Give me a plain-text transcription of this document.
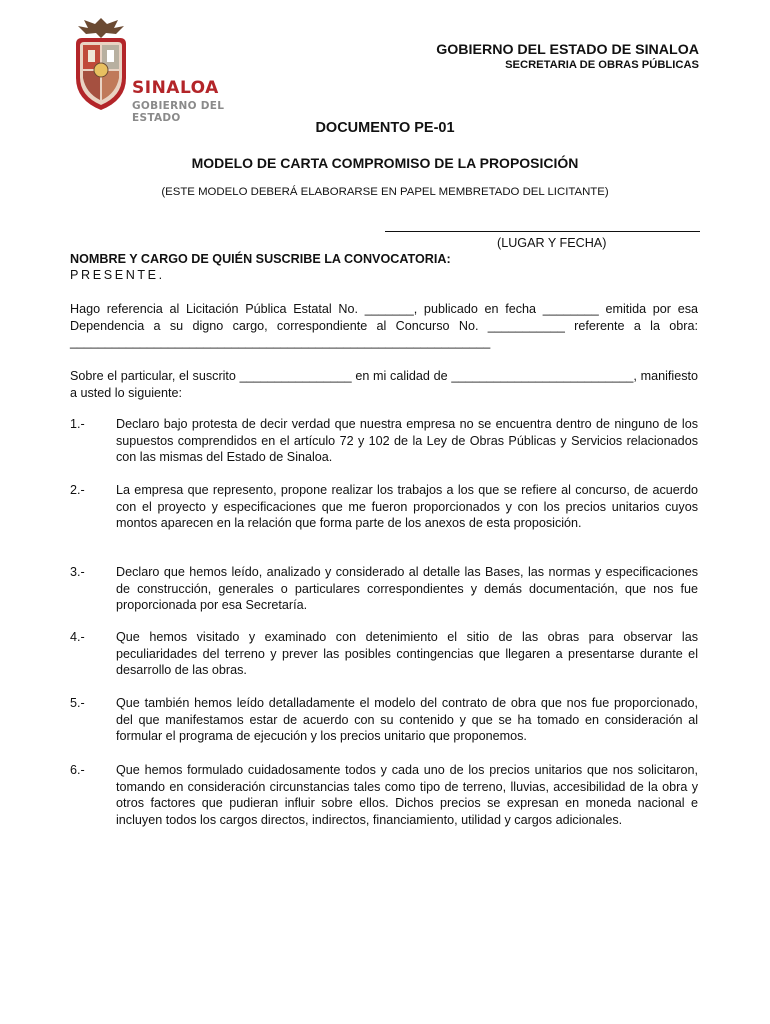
SINALOA
GOBIERNO DEL ESTADO
GOBIERNO DEL ESTADO DE SINALOA
SECRETARIA DE OBRAS PÚBLICAS
DOCUMENTO PE-01
MODELO DE CARTA COMPROMISO DE LA PROPOSICIÓN
(ESTE MODELO DEBERÁ ELABORARSE EN PAPEL MEMBRETADO DEL LICITANTE)
(LUGAR Y FECHA)
NOMBRE Y CARGO DE QUIÉN SUSCRIBE LA CONVOCATORIA:
PRESENTE.
Hago referencia al Licitación Pública Estatal No. _______, publicado en fecha ________ emitida por esa Dependencia a su digno cargo, correspondiente al Concurso No. ___________ referente a la obra: ____________________________________________________________
Sobre el particular, el suscrito ________________ en mi calidad de __________________________, manifiesto a usted lo siguiente:
1.- Declaro bajo protesta de decir verdad que nuestra empresa no se encuentra dentro de ninguno de los supuestos comprendidos en el artículo 72 y 102 de la Ley de Obras Públicas y Servicios relacionados con las mismas del Estado de Sinaloa.
2.- La empresa que represento, propone realizar los trabajos a los que se refiere al concurso, de acuerdo con el proyecto y especificaciones que me fueron proporcionados y con los precios unitarios cuyos montos aparecen en la relación que forma parte de los anexos de esta proposición.
3.- Declaro que hemos leído, analizado y considerado al detalle las Bases, las normas y especificaciones de construcción, generales o particulares correspondientes y demás documentación, que nos fue proporcionada por esa Secretaría.
4.- Que hemos visitado y examinado con detenimiento el sitio de las obras para observar las peculiaridades del terreno y prever las posibles contingencias que llegaren a presentarse durante el desarrollo de las obras.
5.- Que también hemos leído detalladamente el modelo del contrato de obra que nos fue proporcionado, del que manifestamos estar de acuerdo con su contenido y que se ha tomado en consideración al formular el programa de ejecución y los precios unitario que proponemos.
6.- Que hemos formulado cuidadosamente todos y cada uno de los precios unitarios que nos solicitaron, tomando en consideración circunstancias tales como tipo de terreno, lluvias, accesibilidad de la obra y otros factores que pudieran influir sobre ellos. Dichos precios se expresan en moneda nacional e incluyen todos los cargos directos, indirectos, financiamiento, utilidad y cargos adicionales.
